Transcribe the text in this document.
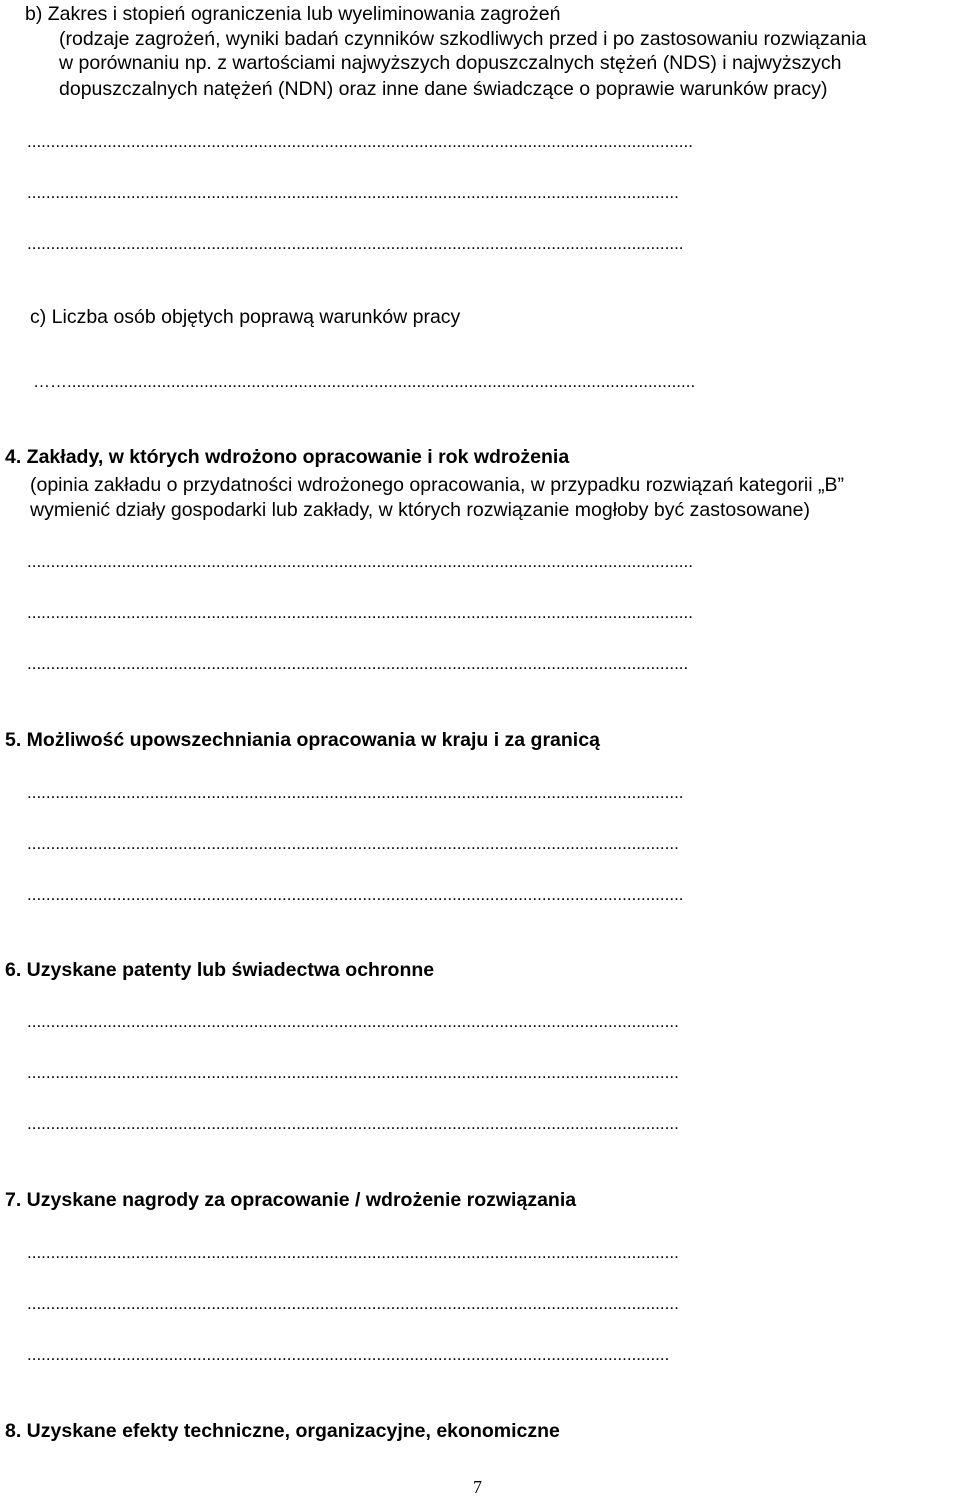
b) Zakres i stopień ograniczenia lub wyeliminowania zagrożeń
(rodzaje zagrożeń, wyniki badań czynników szkodliwych przed i po zastosowaniu rozwiązania
w porównaniu np. z wartościami najwyższych dopuszczalnych stężeń (NDS) i najwyższych
dopuszczalnych natężeń (NDN) oraz inne dane świadczące o poprawie warunków pracy)
.............................................................................................................................................
..........................................................................................................................................
...........................................................................................................................................
c) Liczba osób objętych poprawą warunków pracy
…….....................................................................................................................................
4. Zakłady, w których wdrożono opracowanie i rok wdrożenia
(opinia zakładu o przydatności wdrożonego opracowania, w przypadku rozwiązań kategorii „B”
wymienić działy gospodarki lub zakłady, w których rozwiązanie mogłoby być zastosowane)
.............................................................................................................................................
.............................................................................................................................................
............................................................................................................................................
5. Możliwość upowszechniania opracowania w kraju i za granicą
...........................................................................................................................................
..........................................................................................................................................
...........................................................................................................................................
6. Uzyskane patenty lub świadectwa ochronne
..........................................................................................................................................
..........................................................................................................................................
..........................................................................................................................................
7. Uzyskane nagrody za opracowanie / wdrożenie rozwiązania
..........................................................................................................................................
..........................................................................................................................................
........................................................................................................................................
8. Uzyskane efekty techniczne, organizacyjne, ekonomiczne
7
